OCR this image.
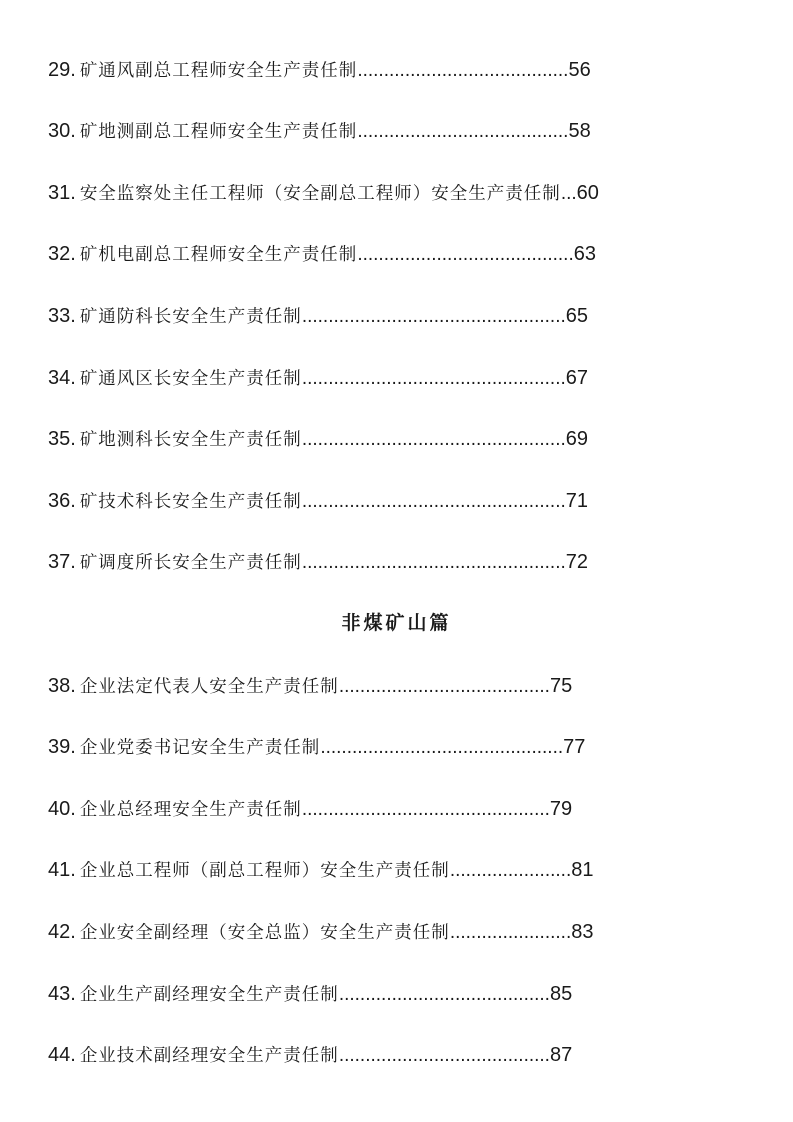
29. 矿通风副总工程师安全生产责任制........................................56
30. 矿地测副总工程师安全生产责任制........................................58
31. 安全监察处主任工程师（安全副总工程师）安全生产责任制...60
32. 矿机电副总工程师安全生产责任制.........................................63
33. 矿通防科长安全生产责任制..................................................65
34. 矿通风区长安全生产责任制..................................................67
35. 矿地测科长安全生产责任制..................................................69
36. 矿技术科长安全生产责任制..................................................71
37. 矿调度所长安全生产责任制..................................................72
非煤矿山篇
38. 企业法定代表人安全生产责任制........................................75
39. 企业党委书记安全生产责任制..............................................77
40. 企业总经理安全生产责任制...............................................79
41. 企业总工程师（副总工程师）安全生产责任制.......................81
42. 企业安全副经理（安全总监）安全生产责任制.......................83
43. 企业生产副经理安全生产责任制........................................85
44. 企业技术副经理安全生产责任制........................................87
